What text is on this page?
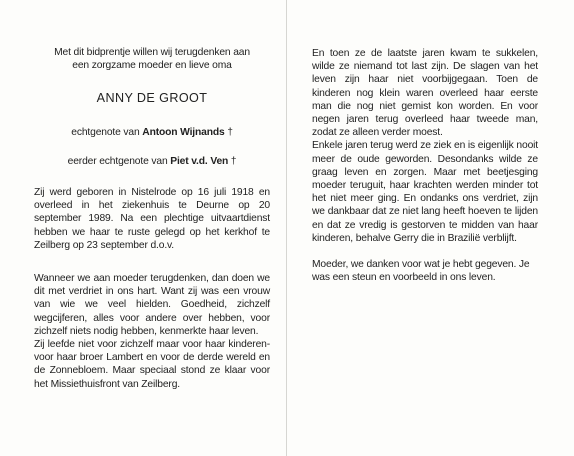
Met dit bidprentje willen wij terugdenken aan

een zorgzame moeder en lieve oma

ANNY DE GROOT

echtgenote van Antoon Wijnands †

eerder echtgenote van Piet v.d. Ven †

Zij werd geboren in Nistelrode op 16 juli 1918 en overleed in het ziekenhuis te Deurne op 20 september 1989. Na een plechtige uitvaartdienst hebben we haar te ruste gelegd op het kerkhof te Zeilberg op 23 september d.o.v.

Wanneer we aan moeder terugdenken, dan doen we dit met verdriet in ons hart. Want zij was een vrouw van wie we veel hielden. Goedheid, zichzelf wegcijferen, alles voor andere over hebben, voor zichzelf niets nodig hebben, kenmerkte haar leven.

Zij leefde niet voor zichzelf maar voor haar kinderen- voor haar broer Lambert en voor de derde wereld en de Zonnebloem. Maar speciaal stond ze klaar voor het Missiethuisfront van Zeilberg.

En toen ze de laatste jaren kwam te sukkelen, wilde ze niemand tot last zijn. De slagen van het leven zijn haar niet voorbijgegaan. Toen de kinderen nog klein waren overleed haar eerste man die nog niet gemist kon worden. En voor negen jaren terug overleed haar tweede man, zodat ze alleen verder moest.

Enkele jaren terug werd ze ziek en is eigenlijk nooit meer de oude geworden. Desondanks wilde ze graag leven en zorgen. Maar met beetjesging moeder teruguit, haar krachten werden minder tot het niet meer ging. En ondanks ons verdriet, zijn we dankbaar dat ze niet lang heeft hoeven te lijden en dat ze vredig is gestorven te midden van haar kinderen, behalve Gerry die in Brazilië verblijft.

Moeder, we danken voor wat je hebt gegeven. Je was een steun en voorbeeld in ons leven.
